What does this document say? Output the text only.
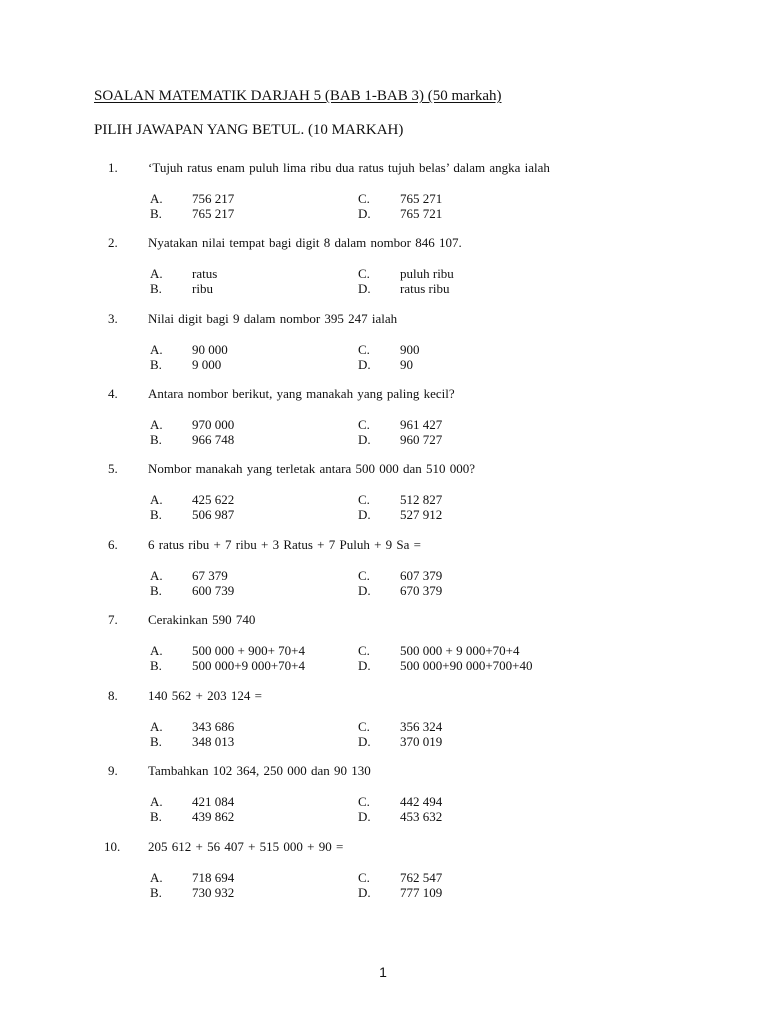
SOALAN MATEMATIK DARJAH 5 (BAB 1-BAB 3) (50 markah)
PILIH JAWAPAN YANG BETUL. (10 MARKAH)
1. ‘Tujuh ratus enam puluh lima ribu dua ratus tujuh belas’ dalam angka ialah
A. 756 217
B. 765 217
C. 765 271
D. 765 721
2. Nyatakan nilai tempat bagi digit 8 dalam nombor 846 107.
A. ratus
B. ribu
C. puluh ribu
D. ratus ribu
3. Nilai digit bagi 9 dalam nombor 395 247 ialah
A. 90 000
B. 9 000
C. 900
D. 90
4. Antara nombor berikut, yang manakah yang paling kecil?
A. 970 000
B. 966 748
C. 961 427
D. 960 727
5. Nombor manakah yang terletak antara 500 000 dan 510 000?
A. 425 622
B. 506 987
C. 512 827
D. 527 912
6. 6 ratus ribu + 7 ribu + 3 Ratus + 7 Puluh + 9 Sa =
A. 67 379
B. 600 739
C. 607 379
D. 670 379
7. Cerakinkan 590 740
A. 500 000 + 900+ 70+4
B. 500 000+9 000+70+4
C. 500 000 + 9 000+70+4
D. 500 000+90 000+700+40
8. 140 562 + 203 124 =
A. 343 686
B. 348 013
C. 356 324
D. 370 019
9. Tambahkan 102 364, 250 000 dan 90 130
A. 421 084
B. 439 862
C. 442 494
D. 453 632
10. 205 612 + 56 407 + 515 000 + 90 =
A. 718 694
B. 730 932
C. 762 547
D. 777 109
1
